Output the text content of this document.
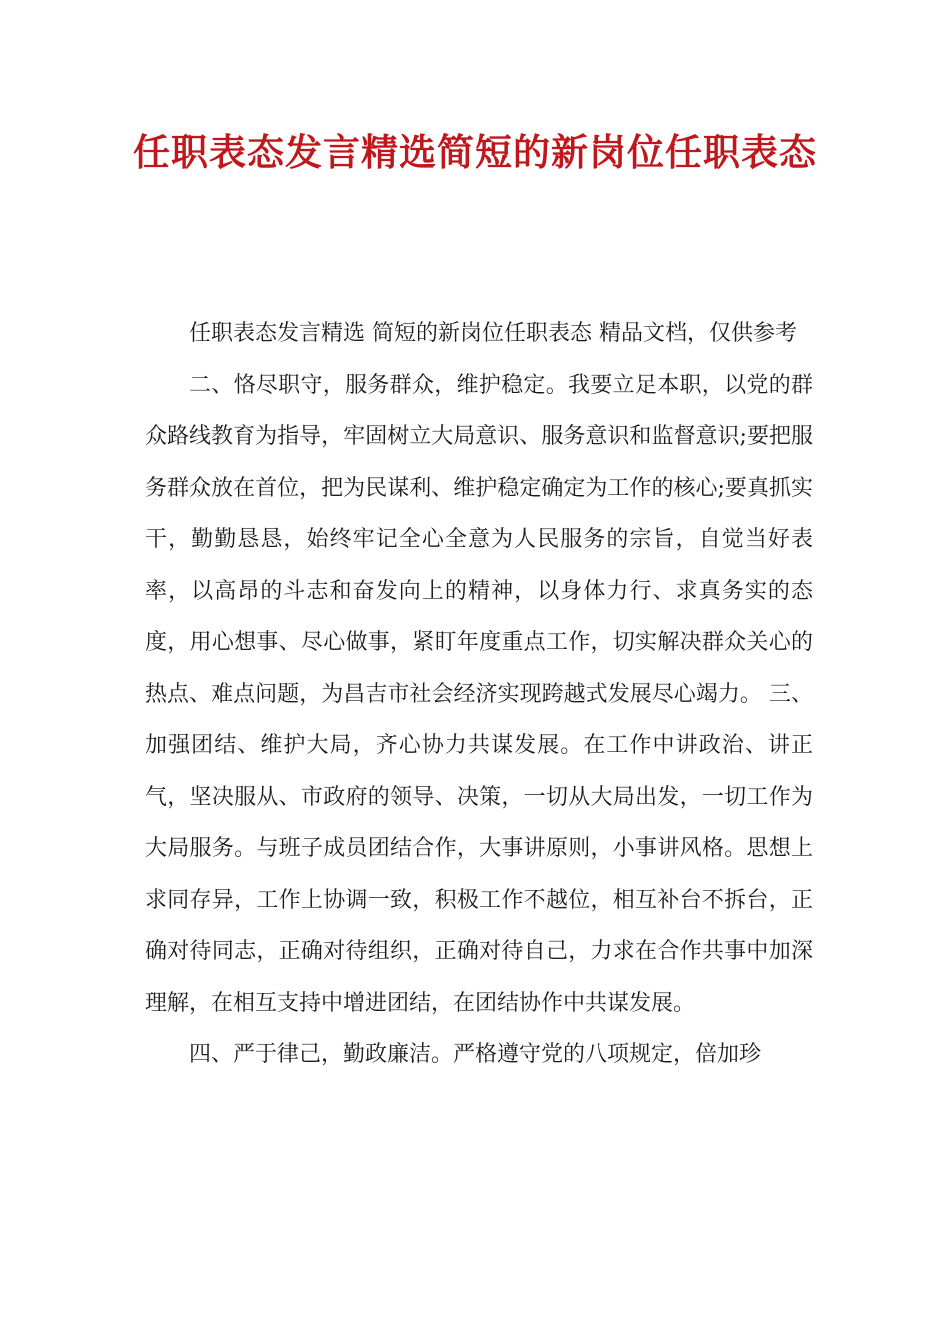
任职表态发言精选简短的新岗位任职表态

任职表态发言精选 简短的新岗位任职表态 精品文档，仅供参考

二、恪尽职守，服务群众，维护稳定。我要立足本职，以党的群众路线教育为指导，牢固树立大局意识、服务意识和监督意识;要把服务群众放在首位，把为民谋利、维护稳定确定为工作的核心;要真抓实干，勤勤恳恳，始终牢记全心全意为人民服务的宗旨，自觉当好表率，以高昂的斗志和奋发向上的精神，以身体力行、求真务实的态度，用心想事、尽心做事，紧盯年度重点工作，切实解决群众关心的热点、难点问题，为昌吉市社会经济实现跨越式发展尽心竭力。 三、加强团结、维护大局，齐心协力共谋发展。在工作中讲政治、讲正气，坚决服从、市政府的领导、决策，一切从大局出发，一切工作为大局服务。与班子成员团结合作，大事讲原则，小事讲风格。思想上求同存异，工作上协调一致，积极工作不越位，相互补台不拆台，正确对待同志，正确对待组织，正确对待自己，力求在合作共事中加深理解，在相互支持中增进团结，在团结协作中共谋发展。

四、严于律己，勤政廉洁。严格遵守党的八项规定，倍加珍
